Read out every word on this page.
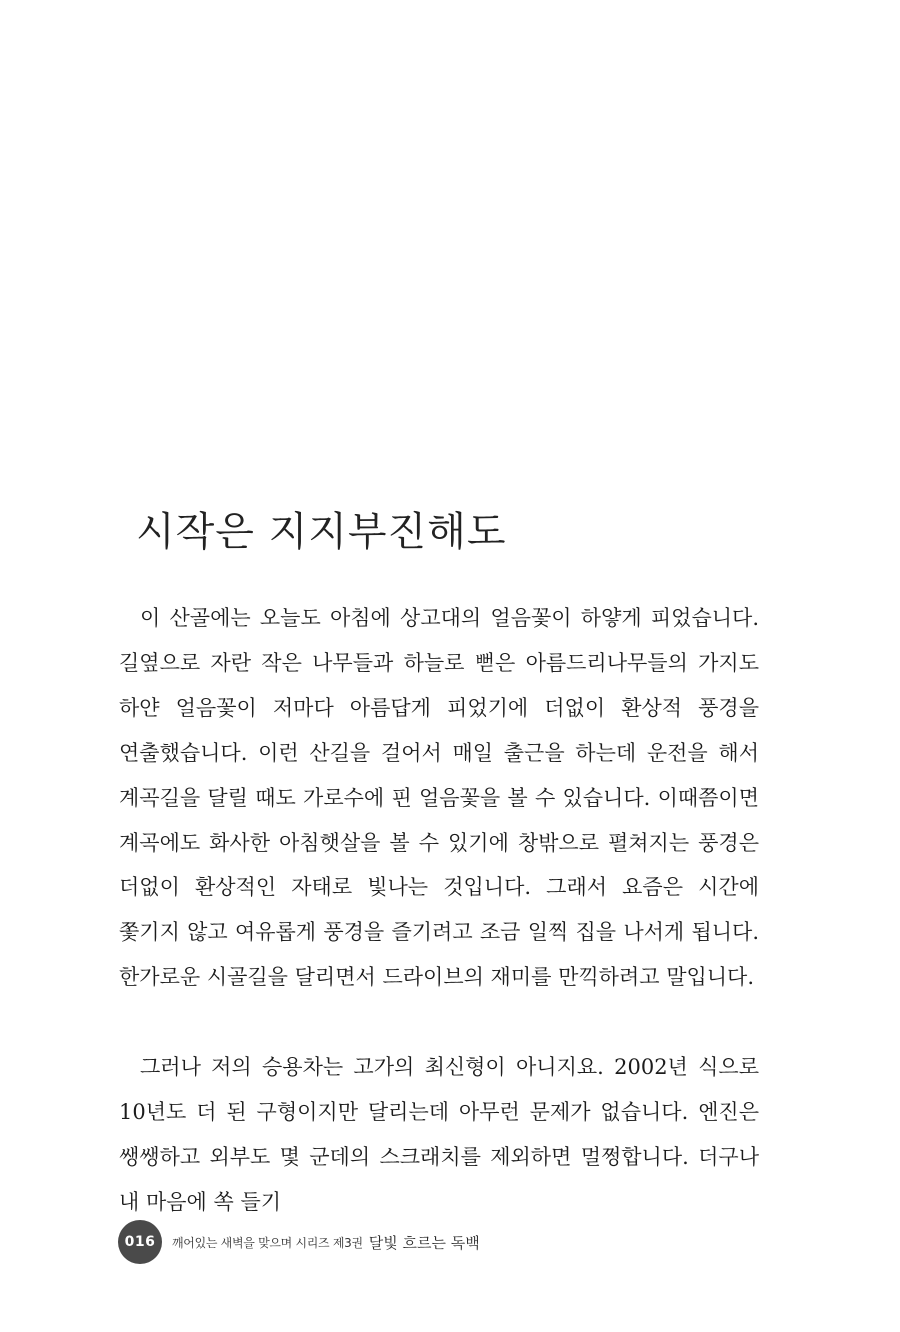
시작은 지지부진해도

이 산골에는 오늘도 아침에 상고대의 얼음꽃이 하얗게 피었습니다. 길옆으로 자란 작은 나무들과 하늘로 뻗은 아름드리나무들의 가지도 하얀 얼음꽃이 저마다 아름답게 피었기에 더없이 환상적 풍경을 연출했습니다. 이런 산길을 걸어서 매일 출근을 하는데 운전을 해서 계곡길을 달릴 때도 가로수에 핀 얼음꽃을 볼 수 있습니다. 이때쯤이면 계곡에도 화사한 아침햇살을 볼 수 있기에 창밖으로 펼쳐지는 풍경은 더없이 환상적인 자태로 빛나는 것입니다. 그래서 요즘은 시간에 쫓기지 않고 여유롭게 풍경을 즐기려고 조금 일찍 집을 나서게 됩니다. 한가로운 시골길을 달리면서 드라이브의 재미를 만끽하려고 말입니다.

그러나 저의 승용차는 고가의 최신형이 아니지요. 2002년 식으로 10년도 더 된 구형이지만 달리는데 아무런 문제가 없습니다. 엔진은 쌩쌩하고 외부도 몇 군데의 스크래치를 제외하면 멀쩡합니다. 더구나 내 마음에 쏙 들기

016	깨어있는 새벽을 맞으며 시리즈 제3권 달빛 흐르는 독백
